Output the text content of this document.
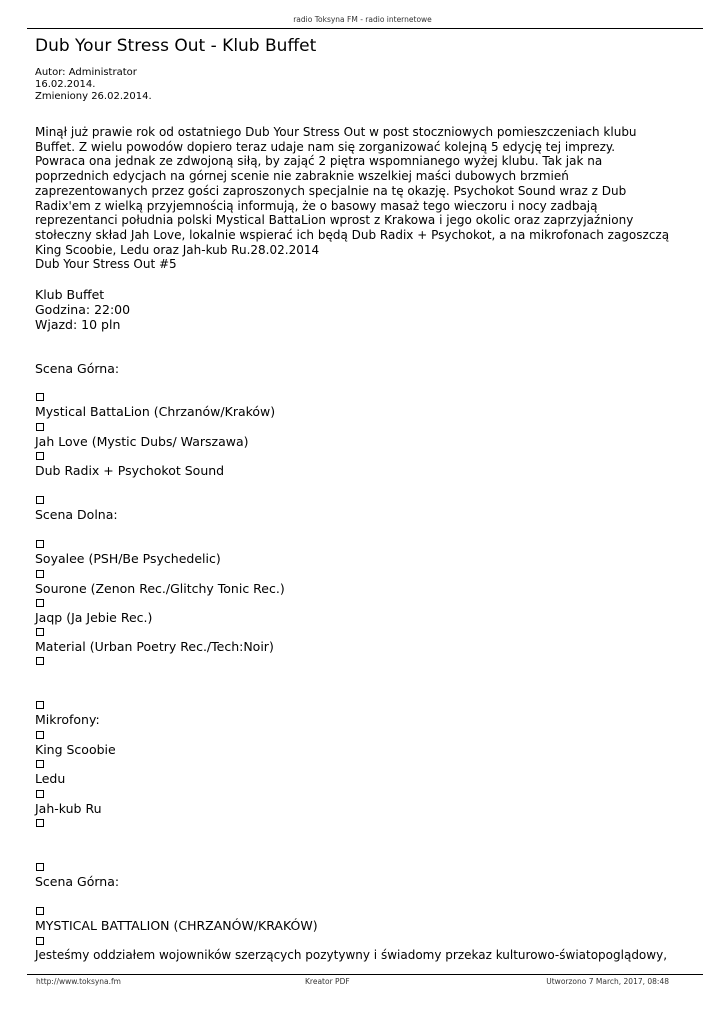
radio Toksyna FM - radio internetowe
Dub Your Stress Out - Klub Buffet
Autor: Administrator
16.02.2014.
Zmieniony 26.02.2014.

Minął już prawie rok od ostatniego Dub Your Stress Out w post stoczniowych pomieszczeniach klubu

Buffet. Z wielu powodów dopiero teraz udaje nam się zorganizować kolejną 5 edycję tej imprezy.

Powraca ona jednak ze zdwojoną siłą, by zająć 2 piętra wspomnianego wyżej klubu. Tak jak na

poprzednich edycjach na górnej scenie nie zabraknie wszelkiej maści dubowych brzmień

zaprezentowanych przez gości zaproszonych specjalnie na tę okazję. Psychokot Sound wraz z Dub

Radix'em z wielką przyjemnością informują, że o basowy masaż tego wieczoru i nocy zadbają

reprezentanci południa polski Mystical BattaLion wprost z Krakowa i jego okolic oraz zaprzyjaźniony

stołeczny skład Jah Love, lokalnie wspierać ich będą Dub Radix + Psychokot, a na mikrofonach zagoszczą

King Scoobie, Ledu oraz Jah-kub Ru.28.02.2014

Dub Your Stress Out #5

Klub Buffet
Godzina: 22:00
Wjazd: 10 pln
Scena Górna:
Mystical BattaLion (Chrzanów/Kraków)
Jah Love (Mystic Dubs/ Warszawa)
Dub Radix + Psychokot Sound
Scena Dolna:
Soyalee (PSH/Be Psychedelic)
Sourone (Zenon Rec./Glitchy Tonic Rec.)
Jaqp (Ja Jebie Rec.)
Material (Urban Poetry Rec./Tech:Noir)
Mikrofony:
King Scoobie
Ledu
Jah-kub Ru
Scena Górna:
MYSTICAL BATTALION (CHRZANÓW/KRAKÓW)
Jesteśmy oddziałem wojowników szerzących pozytywny i świadomy przekaz kulturowo-światopoglądowy,
http://www.toksyna.fm	Kreator PDF	Utworzono 7 March, 2017, 08:48
